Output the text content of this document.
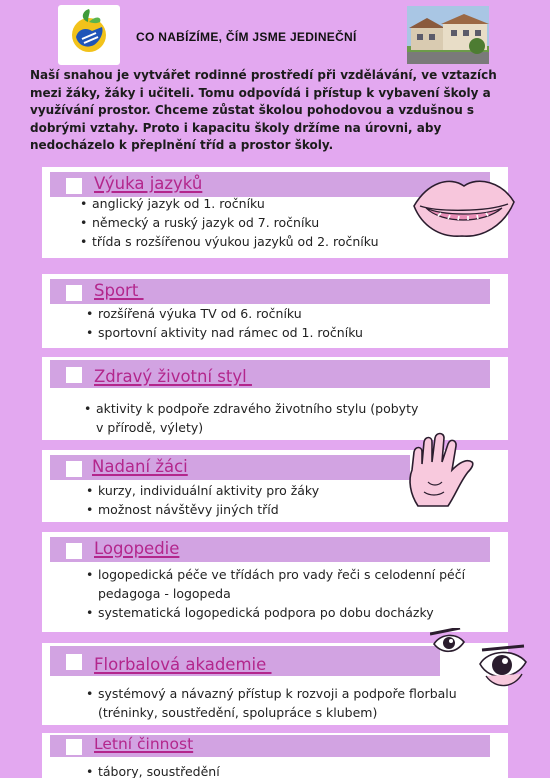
CO NABÍZÍME, ČÍM JSME JEDINEČNÍ
Naší snahou je vytvářet rodinné prostředí při vzdělávání, ve vztazích mezi žáky, žáky i učiteli. Tomu odpovídá i přístup k vybavení školy a využívání prostor. Chceme zůstat školou pohodovou a vzdušnou s dobrými vztahy. Proto i kapacitu školy držíme na úrovni, aby nedocházelo k přeplnění tříd a prostor školy.
Výuka jazyků
• anglický jazyk od 1. ročníku
• německý a ruský jazyk od 7. ročníku
• třída s rozšířenou výukou jazyků od 2. ročníku
Sport
• rozšířená výuka TV od 6. ročníku
• sportovní aktivity nad rámec od 1. ročníku
Zdravý životní styl
• aktivity k podpoře zdravého životního stylu (pobyty v přírodě, výlety)
Nadaní žáci
• kurzy, individuální aktivity pro žáky
• možnost návštěvy jiných tříd
Logopedie
• logopedická péče ve třídách pro vady řeči s celodenní péčí pedagoga - logopeda
• systematická logopedická podpora po dobu docházky
Florbalová akademie
• systémový a návazný přístup k rozvoji a podpoře florbalu (tréninky, soustředění, spolupráce s klubem)
Letní činnost
• tábory, soustředění
